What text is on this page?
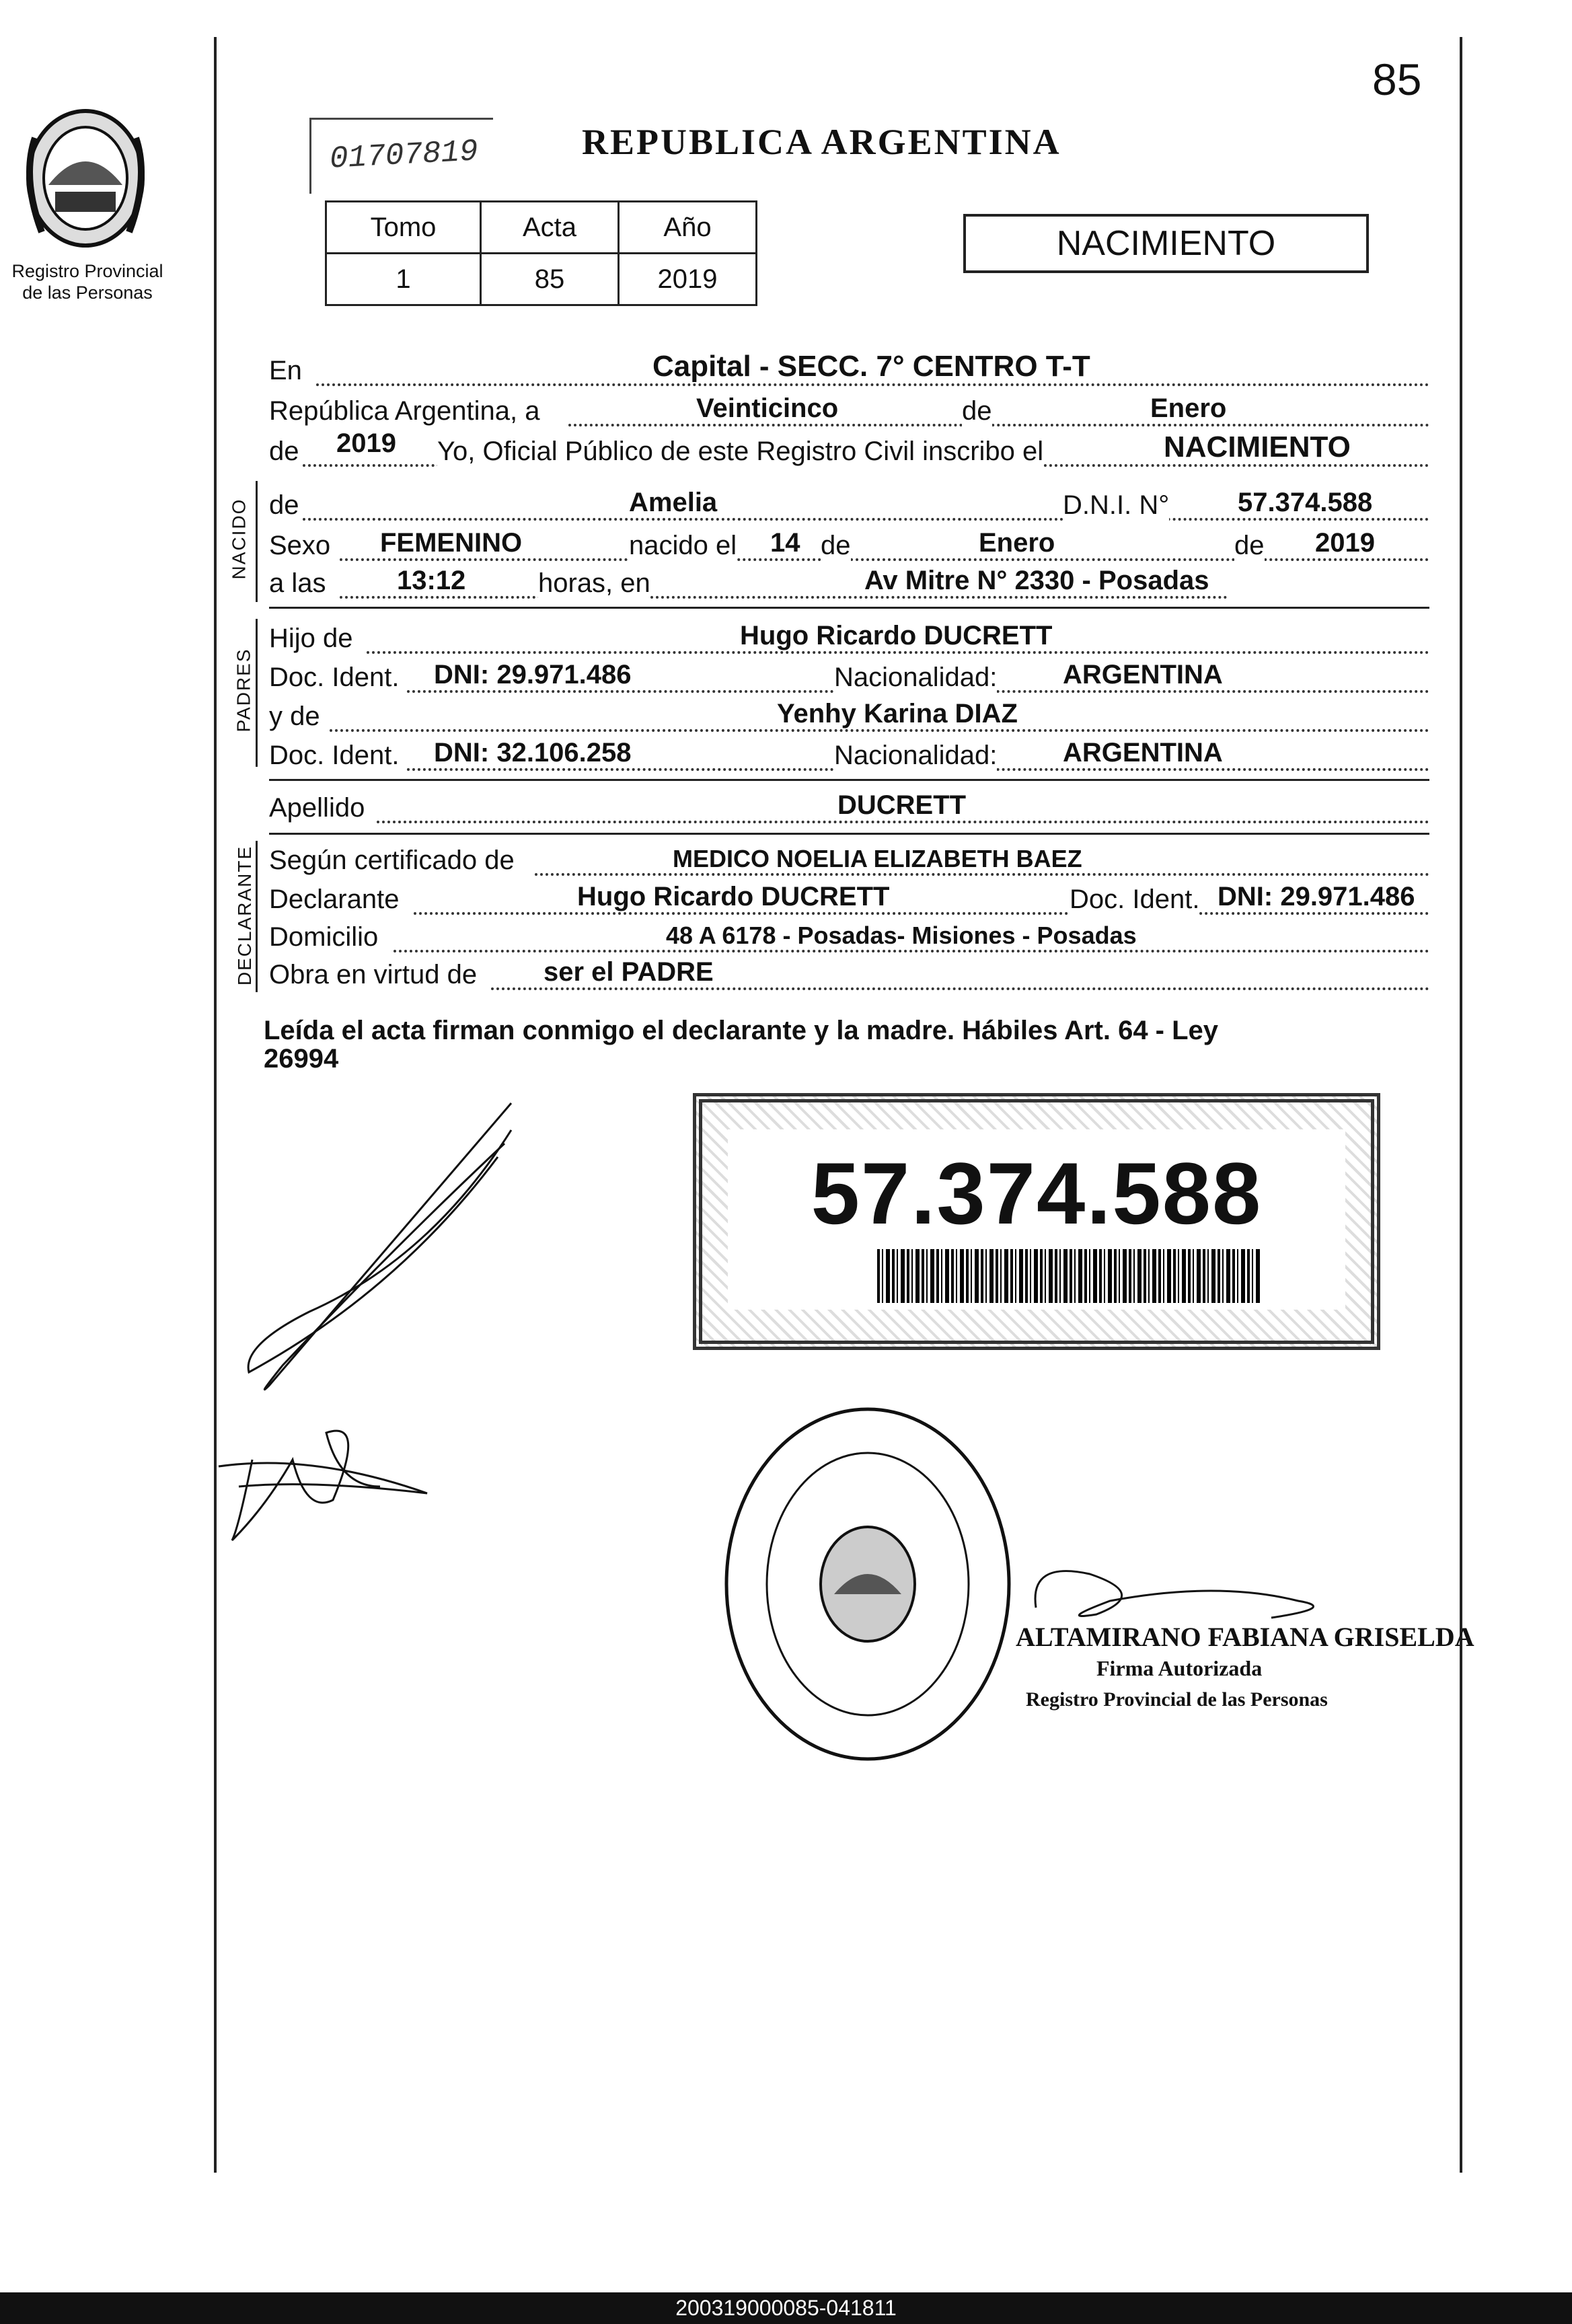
85
Registro Provincial
de las Personas
01707819	REPUBLICA ARGENTINA
Tomo	Acta	Año
1	85	2019
NACIMIENTO
En	Capital - SECC. 7° CENTRO T-T
República Argentina, a	Veinticinco	de	Enero
de 2019 Yo, Oficial Público de este Registro Civil inscribo el	NACIMIENTO
NACIDO de	Amelia	D.N.I. N°	57.374.588
Sexo FEMENINO	nacido el 14 de	Enero	de 2019
a las	13:12	horas, en	Av Mitre N° 2330 - Posadas
PADRES
Hijo de	Hugo Ricardo DUCRETT
Doc. Ident. DNI: 29.971.486	Nacionalidad: ARGENTINA
y de	Yenhy Karina DIAZ
Doc. Ident. DNI: 32.106.258	Nacionalidad: ARGENTINA
Apellido	DUCRETT
DECLARANTE Según certificado de	MEDICO NOELIA ELIZABETH BAEZ
Declarante	Hugo Ricardo DUCRETT	Doc. Ident. DNI: 29.971.486
Domicilio	48 A 6178 - Posadas- Misiones - Posadas
Obra en virtud de ser el PADRE
Leída el acta firman conmigo el declarante y la madre. Hábiles Art. 64 - Ley
26994
57.374.588
ALTAMIRANO FABIANA GRISELDA
Firma Autorizada
Registro Provincial de las Personas
200319000085-041811
